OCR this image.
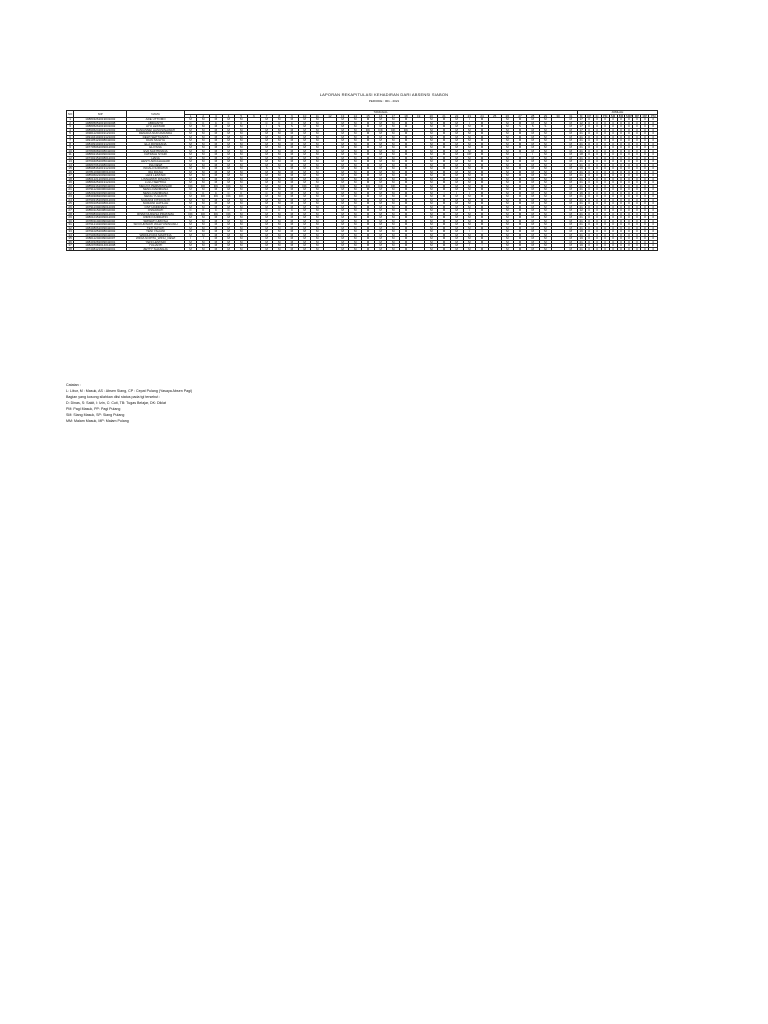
LAPORAN REKAPITULASI KEHADIRAN DARI ABSENSI SIABON
PERIODE : 001 - 2021
NO	NIP	NAMA	TANGGAL																															JUMLAH									
			1	2	3	4	5	6	7	8	9	10	11	12	13	14	15	16	17	18	19	20	21	22	23	24	25	26	27	28	29	30	31	M	CP	IC	PM	SM	BM	SMP	MP	MP	PM
1	198803262019031002	ADE UTTOMO	M	M	M	M	M		M	M	M	M	M		M	M	M	M	M	M		M	M	M	I	M		M	M	M	M		M	17	0	0	0	0	0	0	0	0	0
2	198805052019031008	ABDIANTO	C	C	C	C	C		C	C	C	M	M		M	M	M	M	M	M		M	M	M	I	M		M	M	M	M		M	12	0	0	0	0	0	0	0	0	0
3	198805262019031002	AYU LESTARI	M	M	M	M	M		I	S	S	M	M		M	M	M	M	M	M		M	M	M	M	M		M	S	S	S		M	17	0	0	0	0	0	0	0	0	0
4	198906242019121002	DANIASNEI HASUSINAWATI	M	M	M	M	M		M	M	M	M	M		M	M	DK	DK	DK	DK		M	M	M	M	M		M	M	M	M		M	17	0	0	0	0	0	0	0	0	0
5	199011202019121001	DENADA NUR AMANDA	M	M	M	M	M		M	M	M	M	M		M	M	M	M	M	M		M	M	M	M	M		M	M	M	M		M	21	0	0	0	0	0	0	0	0	0
6	199104102019121003	DEWI SEPTIANITA	M	M	M	M	M		M	M	M	M	M		M	M	M	M	M	M		M	M	M	M	M		M	M	M	M		M	21	0	0	0	0	0	0	0	0	0
7	199105122008042002	DIAN MULIYA	M	M	M	M	M		M	M	M	M	M		M	M	M	M	M	M		M	M	M	M	M		M	M	M	M		M	21	0	0	0	0	0	0	0	0	0
8	198409102019121003	ELA ROSDIANA	M	M	M	M	M		M	M	M	M	M		M	M	M	M	M	M		M	M	M	M	M		M	M	M	M		M	21	0	0	0	0	0	0	0	0	0
9	197705062009012002	ELIYANA	M	M	M	M	M		M	M	M	M	M		M	M	M	M	M	M		M	M	M	M	M		M	M	M	M		M	21	0	0	0	0	0	0	0	0	0
10	197806082008042002	EVA SAFITRIANA	M	M	M	M	M		M	M	M	M	M		M	M	M	M	M	M		M	M	M	M	M		M	M	M	M		M	21	0	0	0	0	0	0	0	0	0
11	198802162009031002	FATIMAH SYARI	M	M	M	M	M		M	M	M	M	M		M	M	M	M	M	M		M	M	M	CP	M		M	I	I	M		M	18	0	0	0	0	0	0	0	0	0
12	197302152008012001	HANA	M	M	M	M	M		M	M	M	M	M		M	M	M	M	M	M		M	M	M	M	M		M	M	M	M		M	21	0	0	0	0	0	0	0	0	0
13	197604052005042002	HESTI ARCAHAHARI	M	M	M	M	M		M	M	M	M	M		M	M	M	M	M	M		M	M	M	M	M		M	M	M	M		M	21	0	0	0	0	0	0	0	0	0
14	196807061998032001	INA DEWI	M	M	M	M	M		M	M	M	M	M		M	M	M	M	M	M		M	M	M	M	M		M	M	M	M		M	21	0	0	0	0	0	0	0	0	0
15	198908162019121003	INDAH NURIATMI	M	M	M	M	M		S	S	M	M	M		M	M	M	M	M	M		M	M	M	M	M		M	M	M	M		M	19	0	0	0	0	0	0	0	0	0
16	197811092006012004	IDA RIANA	M	M	M	M	M		M	M	M	M	M		M	M	M	M	M	M		M	M	M	M	M		M	M	M	M		M	21	0	0	0	0	0	0	0	0	0
17	198506022009032002	LENI LESTARI	M	M	M	M	M		M	M	M	M	M		M	M	M	M	M	M		M	M	M	M	M		M	M	M	M		M	21	0	0	0	0	0	0	0	0	0
18	198012212009012003	LISNAWATI RISANTI	M	M	M	M	M		M	M	M	M	M		M	M	M	M	M	M		M	M	M	M	M		M	M	M	M		M	21	0	0	0	0	0	0	0	0	0
19	198804252019121001	LULU SEPTIKA	M	M	M	M	M		M	M	M	M	M		M	M	M	M	M	M		M	M	M	M	M		M	M	M	M		M	21	0	0	0	0	0	0	0	0	0
20	198502162009042001	MEGIYA PERMATASARI	DK	DK	DK	DK	M		M	M	M	DK	DK		DK	M	DK	DK	DK	M		M	M	M	M	M		M	M	M	M		M	21	0	0	0	0	0	0	0	0	0
21	197911202006042002	NENG DARMIANA	M	M	M	M	M		M	M	M	M	M		M	M	M	M	M	M		M	M	M	M	M		M	M	M	M		M	21	0	0	0	0	0	0	0	0	0
22	198203202009042002	NENG DARMIANA	C	C	C	C	C		C	M	M	M	M		M	M	M	M	M	M		M	I	I	I	M		M	M	M	M		M	16	0	0	0	0	0	0	0	0	0
23	198303082009042002	NENG YULIANTI	M	DK	DK	DK	DK		M	M	M	M	M		M	M	M	M	M	M		M	M	M	M	M		M	M	M	M		M	21	0	0	0	0	0	0	0	0	0
24	197903152009012003	NURAINI FITRIYANTI	M	M	M	M	M		M	M	M	M	M		M	M	M	M	M	M		M	M	M	M	M		M	M	M	M		M	21	0	0	0	0	0	0	0	0	0
25	197801052008012001	NURAINI HATILAH	M	M	M	M	M		M	M	M	M	M		M	M	M	M	M	M		M	M	M	M	M		M	M	M	M		M	21	0	0	0	0	0	0	0	0	0
26	197911302009012003	OSTI ANDRIANI	M	M	M	M	M		M	M	M	M	M		M	M	M	M	M	M		M	M	M	M	M		M	M	M	M		M	21	0	0	0	0	0	0	0	0	0
27	198501152008042002	OSNAWATI	C	C	C	C	C		C	C	C	M	M		M	M	M	M	M	M		M	M	M	I	M		M	M	M	M		M	12	0	0	0	0	0	0	0	0	0
28	197808302009012003	RISMI NURLISA PRATAMA	DK	DK	DK	DK	M		M	M	M	M	M		M	M	M	M	M	M		M	M	M	M	M		M	M	M	M		M	21	0	0	0	0	0	0	0	0	0
29	198010152009012003	RIRIN NURDATIN	M	M	M	M	M		M	M	M	M	M		M	M	M	M	M	M		M	M	M	M	M		M	M	M	M		M	21	0	0	0	0	0	0	0	0	0
30	197801102009042002	SRIWATI UMIYAH	M	M	M	M	M		M	M	M	M	M		M	M	M	M	M	M		M	M	M	M	M		M	M	M	M		M	21	0	0	0	0	0	0	0	0	0
31	197912102009042002	SRI KURNIATI WAHYUNINGSIH	M	M	M	M	M		M	M	M	M	M		M	M	M	M	M	M		M	M	M	M	M		M	M	M	M		M	21	0	0	0	0	0	0	0	0	0
32	198408062009042001	TETI NAYATI	M	M	M	M	M		M	M	M	M	M		M	M	M	M	M	M		M	M	M	M	M		M	M	M	M		M	21	0	0	0	0	0	0	0	0	0
33	197910252008042002	YENI YALIANI	M	M	M	M	M		M	M	M	M	M		M	M	M	M	M	M		M	M	M	I	I		M	M	M	M		M	19	0	0	0	0	0	0	0	0	0
34	197906082009042001	WIDDHIYANI MARTINA	M	M	M	M	M		M	M	M	M	M		M	M	M	M	M	M		M	M	M	M	M		M	M	M	M		M	21	0	0	0	0	0	0	0	0	0
35	198011202009042007	WIDIA NOPITA_WINU_DEWI	I	I	M	M	M		M	M	M	M	M		M	M	M	M	M	M		M	M	M	M	M		M	M	M	M		M	19	0	0	0	0	0	0	0	0	0
36	198403282009042001	YENI LESTARI	M	M	M	M	M		M	M	M	M	M		M	M	M	M	M	M		M	M	M	M	M		M	M	M	M		M	21	0	0	0	0	0	0	0	0	0
37	198207082014012008	YULIANTI	M	M	M	M	M		M	M	M	M	M		M	M	M	M	M	M		M	M	M	I	I		M	M	M	M		M	19	0	0	0	0	0	0	0	0	0
38	197408121997032001	ZETTY SHANGJA	M	M	M	M	M		M	M	M	M	M		M	M	M	M	M	M		M	M	M	M	M		M	M	M	M		M	21	0	0	0	0	0	0	0	0	0
Catatan :
L: Libur, M : Masuk, AS : Absen Siang, CP : Cepat Pulang (Yasaya Absen Pagi)
Bagian yang kosong silahkan diisi status pada tgl tersebut :
D: Dinas, S: Sakit, I: Izin, C: Cuti, TB: Tugas Belajar, DK: Diklat
PM: Pagi Masuk, PP: Pagi Pulang
SM: Siang Masuk, SP: Siang Pulang
MM: Malam Masuk, MP: Malam Pulang
